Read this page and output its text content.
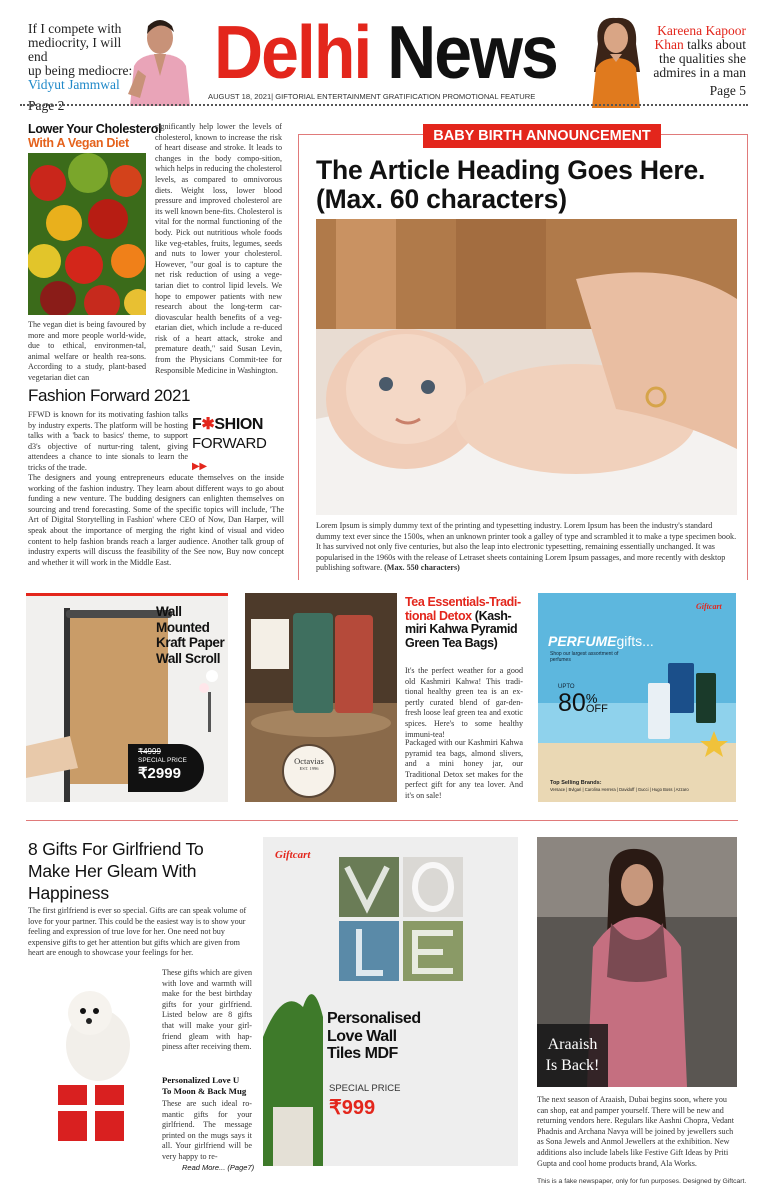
If I compete with
mediocrity, I will end
up being mediocre:
Vidyut Jammwal
Page 2
Delhi News
AUGUST 18, 2021| GIFTORIAL ENTERTAINMENT GRATIFICATION PROMOTIONAL FEATURE
Kareena Kapoor
Khan talks about
the qualities she
admires in a man
Page 5
Lower Your Cholesterol
With A Vegan Diet

The vegan diet is being favoured by more and more people world-wide, due to ethical, environmen-tal, animal welfare or health rea-sons. According to a study, plant-based vegetarian diet can

significantly help lower the levels of cholesterol, known to increase the risk of heart disease and stroke. It leads to changes in the body compo-sition, which helps in reducing the cholesterol levels, as compared to omnivorous diets. Weight loss, lower blood pressure and improved cholesterol are its well known bene-fits. Cholesterol is vital for the normal functioning of the body. Pick out nutritious whole foods like veg-etables, fruits, legumes, seeds and nuts to lower your cholesterol. However, "our goal is to capture the net risk reduction of using a vege-tarian diet to control lipid levels. We hope to empower patients with new research about the long-term car-diovascular health benefits of a veg-etarian diet, which include a re-duced risk of a heart attack, stroke and premature death," said Susan Levin, from the Physicians Commit-tee for Responsible Medicine in Washington.

Fashion Forward 2021

FFWD is known for its motivating fashion talks by industry experts. The platform will be hosting talks with a 'back to basics' theme, to support d3's objective of nurtur-ring talent, giving attendees a chance to inte sionals to learn the tricks of the trade.

F✱SHION
FORWARD ▶▶

The designers and young entrepreneurs educate themselves on the inside working of the fashion industry. They learn about different ways to go about funding a new venture. The budding designers can enlighten themselves on sourcing and trend forecasting. Some of the specific topics will include, 'The Art of Digital Storytelling in Fashion' where CEO of Now, Dan Harper, will speak about the importance of merging the right kind of visual and video content to help fashion brands reach a larger audience. Another talk group of industry experts will discuss the feasibility of the See now, Buy now concept and whether it will work in the Middle East.

BABY BIRTH ANNOUNCEMENT
The Article Heading Goes Here.
(Max. 60 characters)

Lorem Ipsum is simply dummy text of the printing and typesetting industry. Lorem Ipsum has been the industry's standard dummy text ever since the 1500s, when an unknown printer took a galley of type and scrambled it to make a type specimen book. It has survived not only five centuries, but also the leap into electronic typesetting, remaining essentially unchanged. It was popularised in the 1960s with the release of Letraset sheets containing Lorem Ipsum passages, and more recently with desktop publishing software. (Max. 550 characters)

Wall
Mounted
Kraft Paper
Wall Scroll
₹4999
SPECIAL PRICE
₹2999
Octavias
EST. 1996
Tea Essentials-Tradi-tional Detox (Kash-miri Kahwa Pyramid Green Tea Bags)

It's the perfect weather for a good old Kashmiri Kahwa! This tradi-tional healthy green tea is an ex-pertly curated blend of gar-den-fresh loose leaf green tea and exotic spices. Here's to some healthy immuni-tea!

Packaged with our Kashmiri Kahwa pyramid tea bags, almond slivers, and a mini honey jar, our Traditional Detox set makes for the perfect gift for any tea lover. And it's on sale!

Giftcart
PERFUMEgifts...
Shop our largest assortment of perfumes
UPTO
80 %
OFF
Top Selling Brands:
Versace | Bvlgari | Carolina Herrera | Davidoff | Gucci | Hugo Boss | Azzaro
8 Gifts For Girlfriend To
Make Her Gleam With
Happiness

The first girlfriend is ever so special. Gifts are can speak volume of love for your partner. This could be the easiest way is to show your feeling and expression of true love for her. One need not buy expensive gifts to get her attention but gifts which are given from heart are enough to showcase your feelings for her.

These gifts which are given with love and warmth will make for the best birthday gifts for your girlfriend. Listed below are 8 gifts that will make your girl-friend gleam with hap-piness after receiving them.

Personalized Love U
To Moon & Back Mug

These are such ideal ro-mantic gifts for your girlfriend. The message printed on the mugs says it all. Your girlfriend will be very happy to re-

Read More... (Page7)
Giftcart
Personalised
Love Wall
Tiles MDF
SPECIAL PRICE
₹999
Araaish
Is Back!

The next season of Araaish, Dubai begins soon, where you can shop, eat and pamper yourself. There will be new and returning vendors here. Regulars like Aashni Chopra, Vedant Phadnis and Archana Navya will be joined by jewellers such as Sona Jewels and Anmol Jewellers at the exhibition. New additions also include labels like Festive Gift Ideas by Priti Gupta and cool home products brand, Ala Works.

This is a fake newspaper, only for fun purposes. Designed by Giftcart.
